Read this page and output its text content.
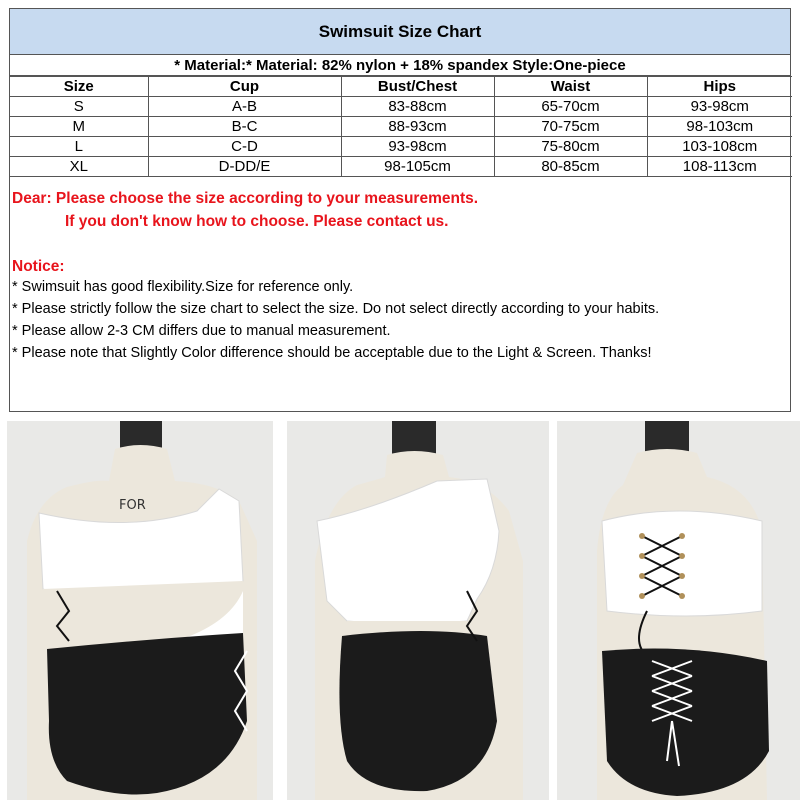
Swimsuit Size Chart
* Material:* Material: 82% nylon + 18% spandex Style:One-piece
Size	Cup	Bust/Chest	Waist	Hips
S	A-B	83-88cm	65-70cm	93-98cm
M	B-C	88-93cm	70-75cm	98-103cm
L	C-D	93-98cm	75-80cm	103-108cm
XL	D-DD/E	98-105cm	80-85cm	108-113cm
Dear: Please choose the size according to your measurements.
If you don't know how to choose. Please contact us.
Notice:
* Swimsuit has good flexibility.Size for reference only.
* Please strictly follow the size chart to select the size. Do not select directly according to your habits.
* Please allow 2-3 CM differs due to manual measurement.
* Please note that Slightly Color difference should be acceptable due to the Light & Screen. Thanks!
FOR
